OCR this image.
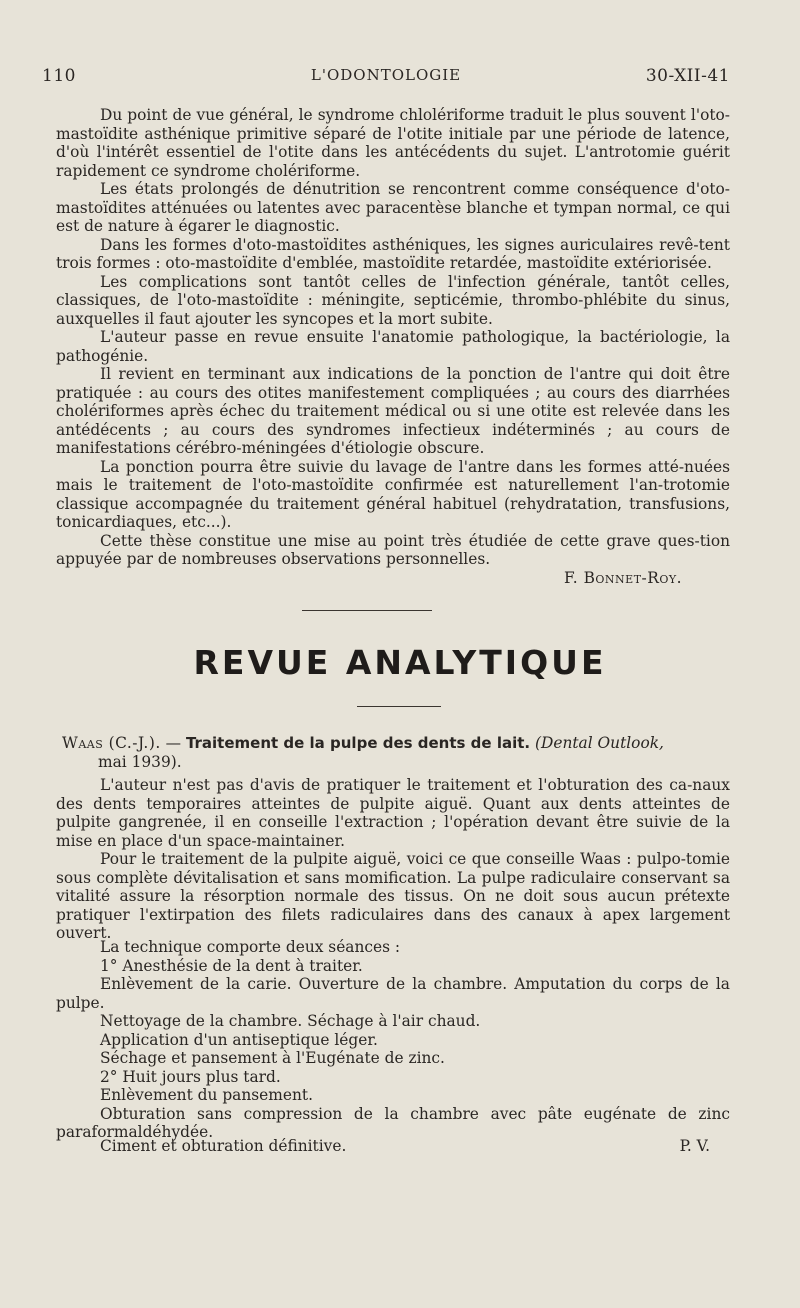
110	L'ODONTOLOGIE	30-XII-41

Du point de vue général, le syndrome chlolériforme traduit le plus souvent l'oto-mastoïdite asthénique primitive séparé de l'otite initiale par une période de latence, d'où l'intérêt essentiel de l'otite dans les antécédents du sujet. L'antrotomie guérit rapidement ce syndrome cholériforme.

Les états prolongés de dénutrition se rencontrent comme conséquence d'oto-mastoïdites atténuées ou latentes avec paracentèse blanche et tympan normal, ce qui est de nature à égarer le diagnostic.

Dans les formes d'oto-mastoïdites asthéniques, les signes auriculaires revê-tent trois formes : oto-mastoïdite d'emblée, mastoïdite retardée, mastoïdite extériorisée.

Les complications sont tantôt celles de l'infection générale, tantôt celles, classiques, de l'oto-mastoïdite : méningite, septicémie, thrombo-phlébite du sinus, auxquelles il faut ajouter les syncopes et la mort subite.

L'auteur passe en revue ensuite l'anatomie pathologique, la bactériologie, la pathogénie.

Il revient en terminant aux indications de la ponction de l'antre qui doit être pratiquée : au cours des otites manifestement compliquées ; au cours des diarrhées cholériformes après échec du traitement médical ou si une otite est relevée dans les antédécents ; au cours des syndromes infectieux indéterminés ; au cours de manifestations cérébro-méningées d'étiologie obscure.

La ponction pourra être suivie du lavage de l'antre dans les formes atté-nuées mais le traitement de l'oto-mastoïdite confirmée est naturellement l'an-trotomie classique accompagnée du traitement général habituel (rehydratation, transfusions, tonicardiaques, etc...).

Cette thèse constitue une mise au point très étudiée de cette grave ques-tion appuyée par de nombreuses observations personnelles.

F. Bonnet-Roy.
REVUE ANALYTIQUE
Waas (C.-J.). — Traitement de la pulpe des dents de lait. (Dental Outlook,
mai 1939).

L'auteur n'est pas d'avis de pratiquer le traitement et l'obturation des ca-naux des dents temporaires atteintes de pulpite aiguë. Quant aux dents atteintes de pulpite gangrenée, il en conseille l'extraction ; l'opération devant être suivie de la mise en place d'un space-maintainer.

Pour le traitement de la pulpite aiguë, voici ce que conseille Waas : pulpo-tomie sous complète dévitalisation et sans momification. La pulpe radiculaire conservant sa vitalité assure la résorption normale des tissus. On ne doit sous aucun prétexte pratiquer l'extirpation des filets radiculaires dans des canaux à apex largement ouvert.

La technique comporte deux séances :
1° Anesthésie de la dent à traiter.
Enlèvement de la carie. Ouverture de la chambre. Amputation du corps de la pulpe.
Nettoyage de la chambre. Séchage à l'air chaud.
Application d'un antiseptique léger.
Séchage et pansement à l'Eugénate de zinc.
2° Huit jours plus tard.
Enlèvement du pansement.
Obturation sans compression de la chambre avec pâte eugénate de zinc paraformaldéhydée.
Ciment et obturation définitive.	P. V.
